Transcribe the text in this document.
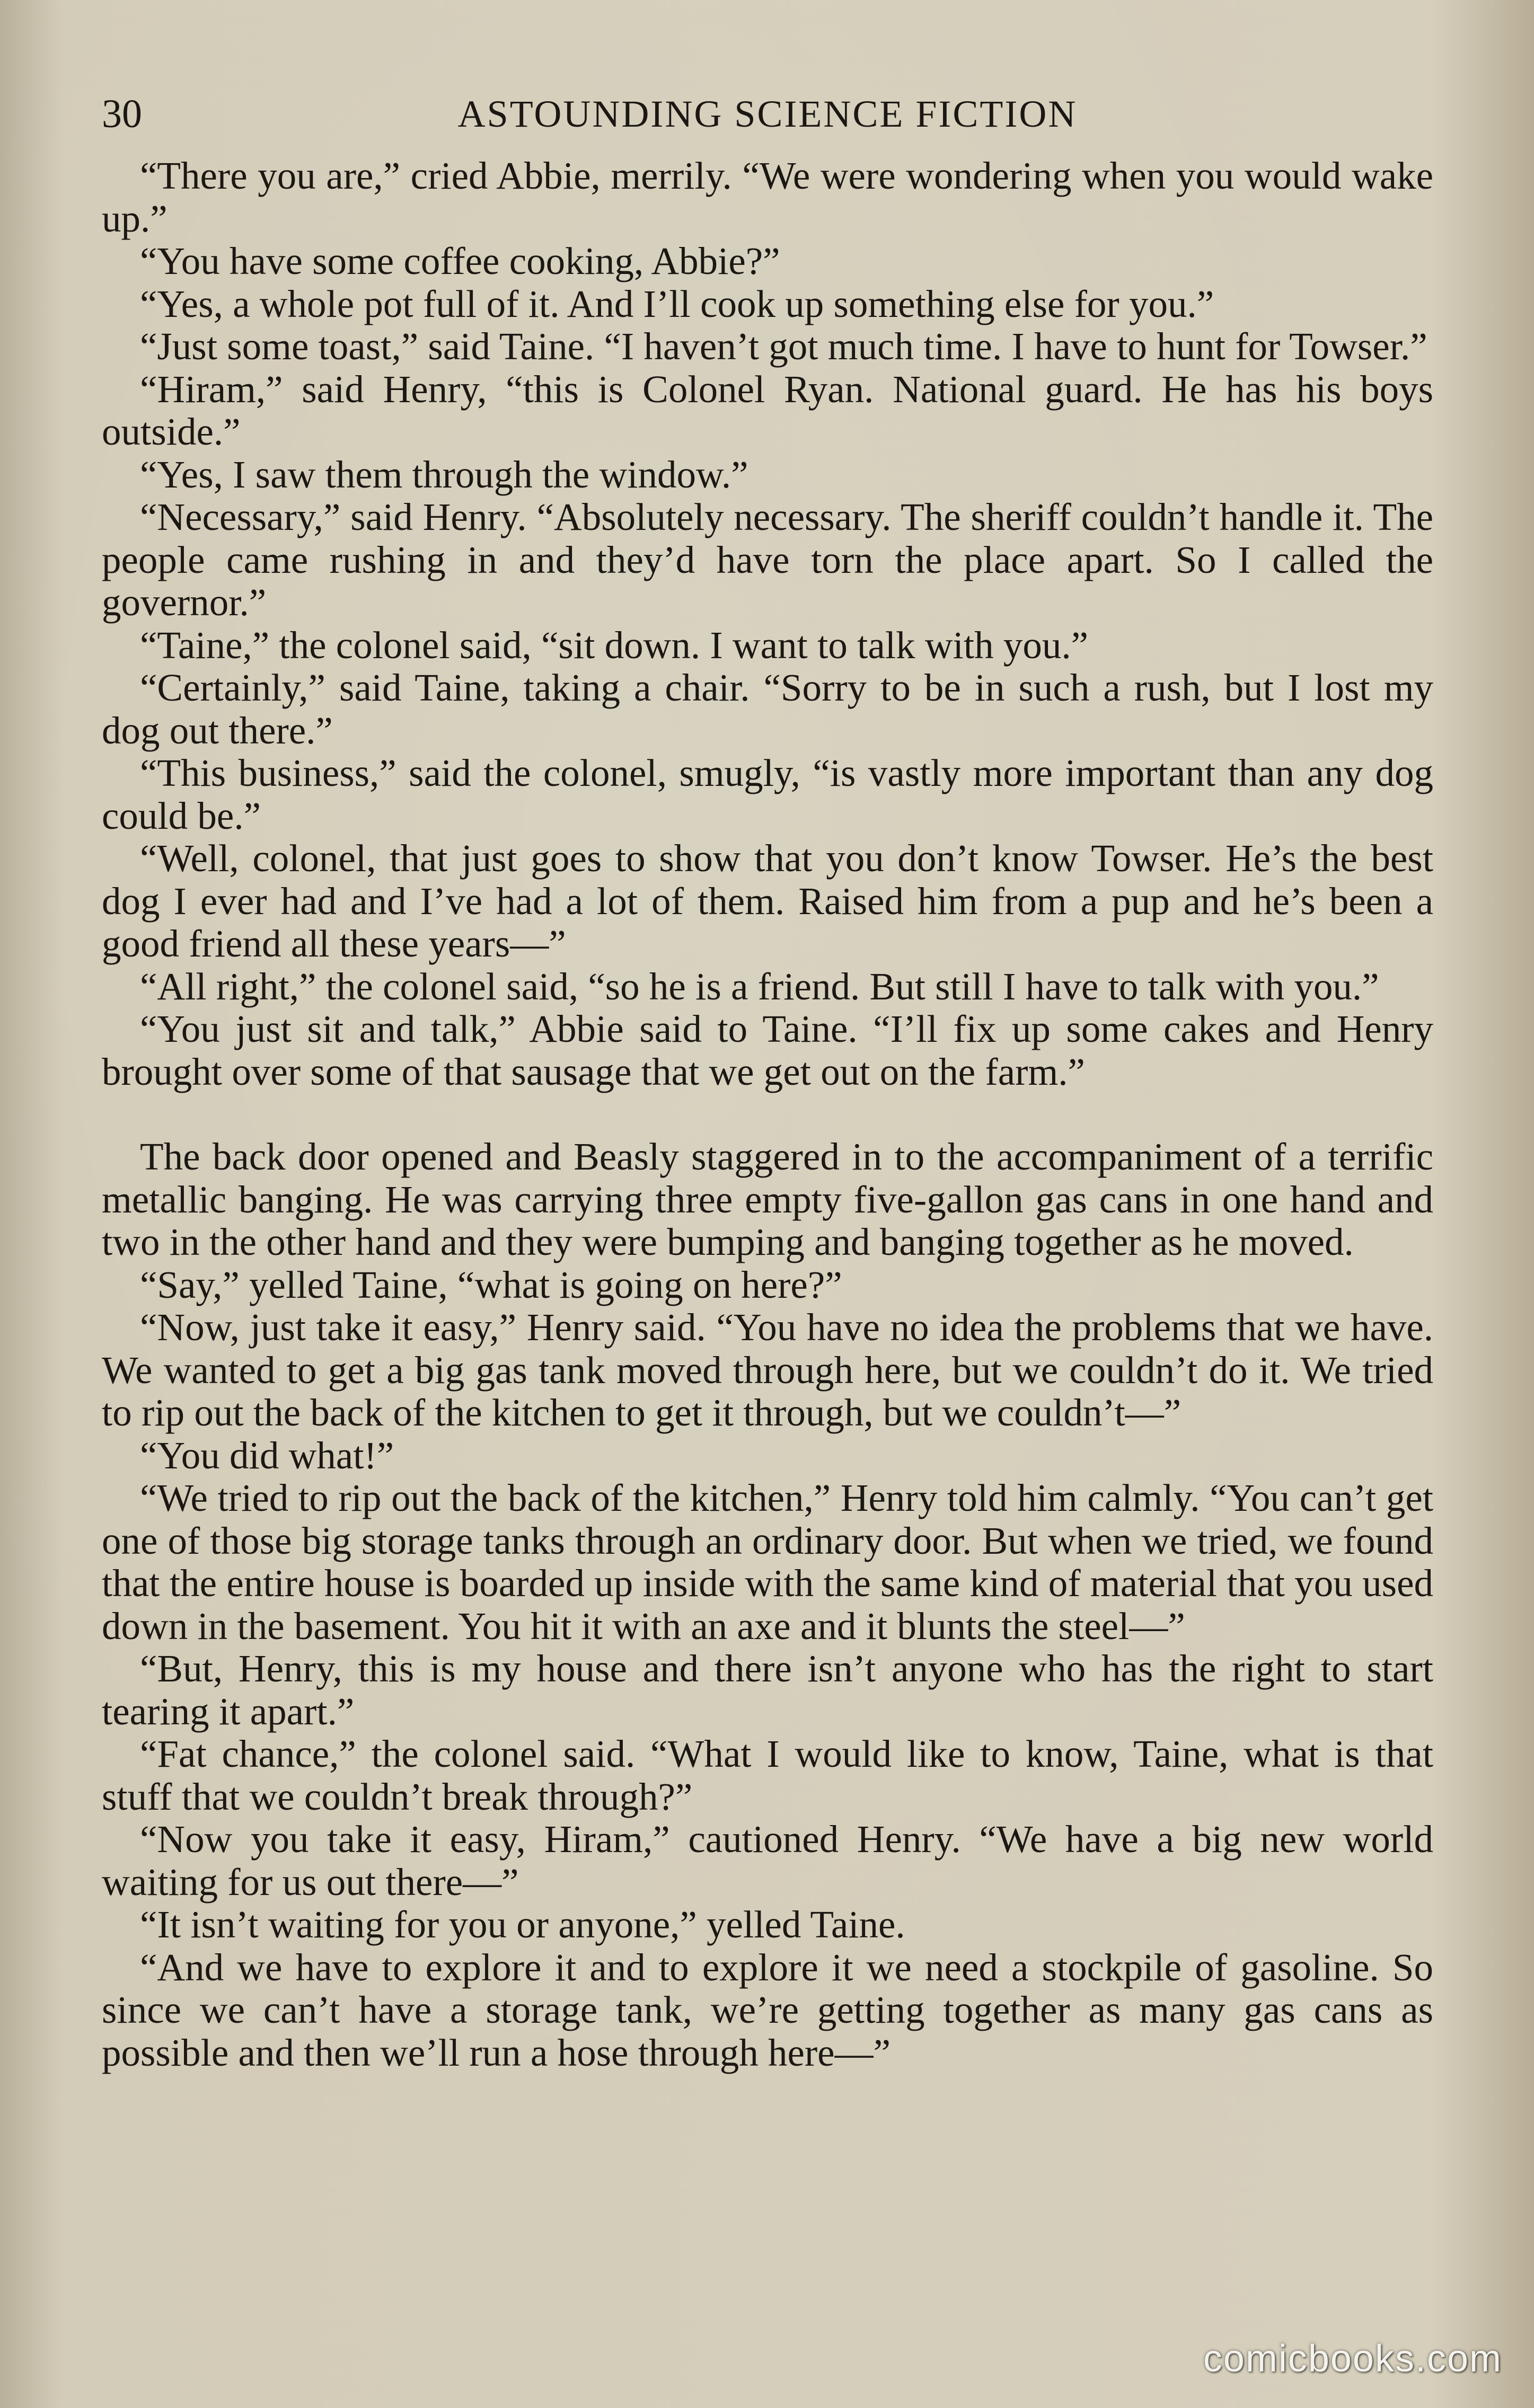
30	ASTOUNDING SCIENCE FICTION

“There you are,” cried Abbie, merrily. “We were wondering when you would wake up.”

“You have some coffee cooking, Abbie?”

“Yes, a whole pot full of it. And I’ll cook up something else for you.”

“Just some toast,” said Taine. “I haven’t got much time. I have to hunt for Towser.”

“Hiram,” said Henry, “this is Colonel Ryan. National guard. He has his boys outside.”

“Yes, I saw them through the window.”

“Necessary,” said Henry. “Absolutely necessary. The sheriff couldn’t handle it. The people came rushing in and they’d have torn the place apart. So I called the governor.”

“Taine,” the colonel said, “sit down. I want to talk with you.”

“Certainly,” said Taine, taking a chair. “Sorry to be in such a rush, but I lost my dog out there.”

“This business,” said the colonel, smugly, “is vastly more important than any dog could be.”

“Well, colonel, that just goes to show that you don’t know Towser. He’s the best dog I ever had and I’ve had a lot of them. Raised him from a pup and he’s been a good friend all these years—”

“All right,” the colonel said, “so he is a friend. But still I have to talk with you.”

“You just sit and talk,” Abbie said to Taine. “I’ll fix up some cakes and Henry brought over some of that sausage that we get out on the farm.”

The back door opened and Beasly staggered in to the accompaniment of a terrific metallic banging. He was carrying three empty five-gallon gas cans in one hand and two in the other hand and they were bumping and banging together as he moved.

“Say,” yelled Taine, “what is going on here?”

“Now, just take it easy,” Henry said. “You have no idea the problems that we have. We wanted to get a big gas tank moved through here, but we couldn’t do it. We tried to rip out the back of the kitchen to get it through, but we couldn’t—”

“You did what!”

“We tried to rip out the back of the kitchen,” Henry told him calmly. “You can’t get one of those big storage tanks through an ordinary door. But when we tried, we found that the entire house is boarded up inside with the same kind of material that you used down in the basement. You hit it with an axe and it blunts the steel—”

“But, Henry, this is my house and there isn’t anyone who has the right to start tearing it apart.”

“Fat chance,” the colonel said. “What I would like to know, Taine, what is that stuff that we couldn’t break through?”

“Now you take it easy, Hiram,” cautioned Henry. “We have a big new world waiting for us out there—”

“It isn’t waiting for you or anyone,” yelled Taine.

“And we have to explore it and to explore it we need a stockpile of gasoline. So since we can’t have a storage tank, we’re getting together as many gas cans as possible and then we’ll run a hose through here—”

comicbooks.com
